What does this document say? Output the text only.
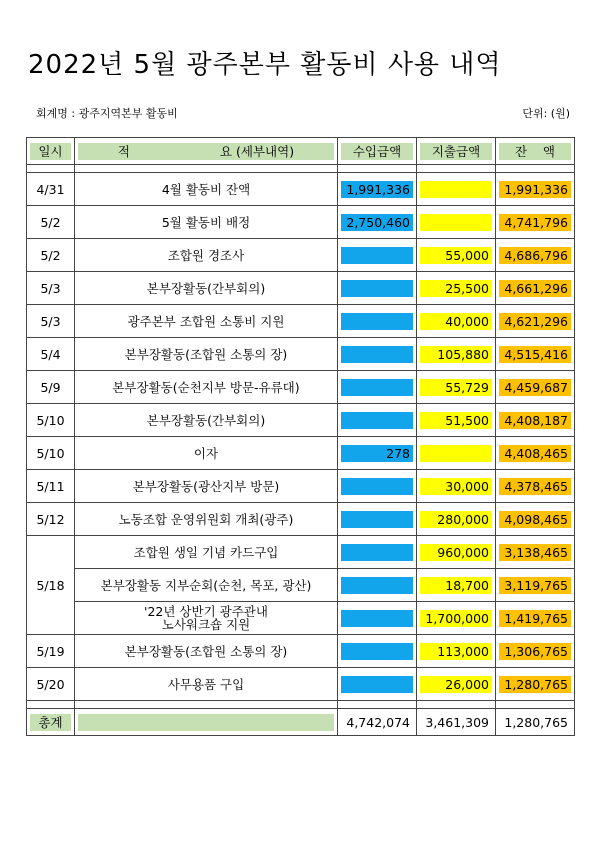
2022년 5월 광주본부 활동비 사용 내역
회계명 : 광주지역본부 활동비	단위: (원)
일시	적 요 (세부내역)	수입금액	지출금액	잔    액

4/31	4월 활동비 잔액	1,991,336		1,991,336

5/2	5월 활동비 배정	2,750,460		4,741,796

5/2	조합원 경조사		55,000	4,686,796

5/3	본부장활동(간부회의)		25,500	4,661,296

5/3	광주본부 조합원 소통비 지원		40,000	4,621,296

5/4	본부장활동(조합원 소통의 장)		105,880	4,515,416

5/9	본부장활동(순천지부 방문-유류대)		55,729	4,459,687

5/10	본부장활동(간부회의)		51,500	4,408,187

5/10	이자	278		4,408,465

5/11	본부장활동(광산지부 방문)		30,000	4,378,465

5/12	노동조합 운영위원회 개최(광주)		280,000	4,098,465

5/18	조합원 생일 기념 카드구입		960,000	3,138,465

	본부장활동 지부순회(순천, 목포, 광산)		18,700	3,119,765

	'22년 상반기 광주관내
노사워크숍 지원		1,700,000	1,419,765

5/19	본부장활동(조합원 소통의 장)		113,000	1,306,765

5/20	사무용품 구입		26,000	1,280,765

총계		4,742,074	3,461,309	1,280,765
